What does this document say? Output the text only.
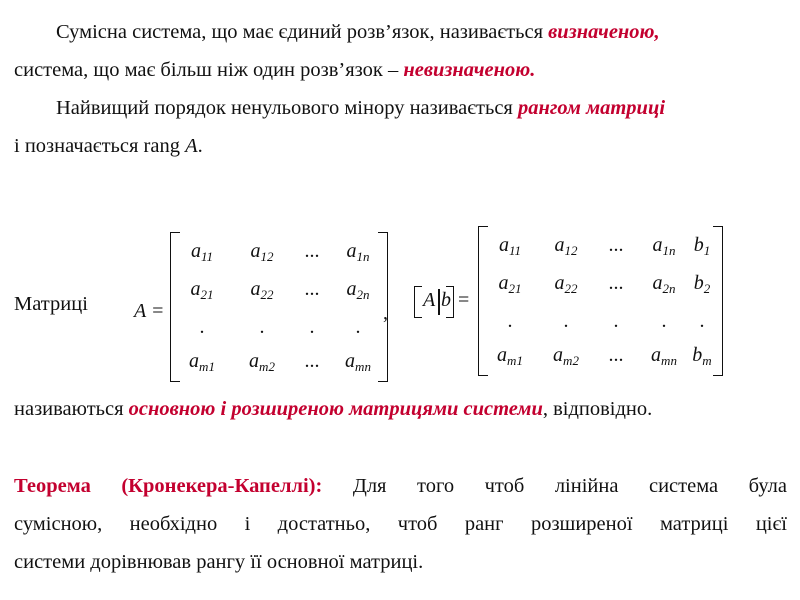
Сумісна система, що має єдиний розв’язок, називається визначеною,
система, що має більш ніж один розв’язок – невизначеною.
Найвищий порядок ненульового мінору називається рангом матриці
і позначається rang A.
Матриці A =
$a_{11}$ $a_{12}$ ... $a_{1n}$
$a_{21}$ $a_{22}$ ... $a_{2n}$
.	. . .
$a_{m1}$ $a_{m2}$ ... $a_{mn}$
,
A b =
$a_{11}$ $a_{12}$ ... $a_{1n}$ $b_1$
$a_{21}$ $a_{22}$ ... $a_{2n}$ $b_2$
.	. . . .
$a_{m1}$ $a_{m2}$ ... $a_{mn}$ $b_m$
називаються основною і розширеною матрицями системи, відповідно.
Теорема (Кронекера-Капеллі): Для того чтоб лінійна система була
сумісною, необхідно і достатньо, чтоб ранг розширеної матриці цієї
системи дорівнював рангу її основної матриці.
